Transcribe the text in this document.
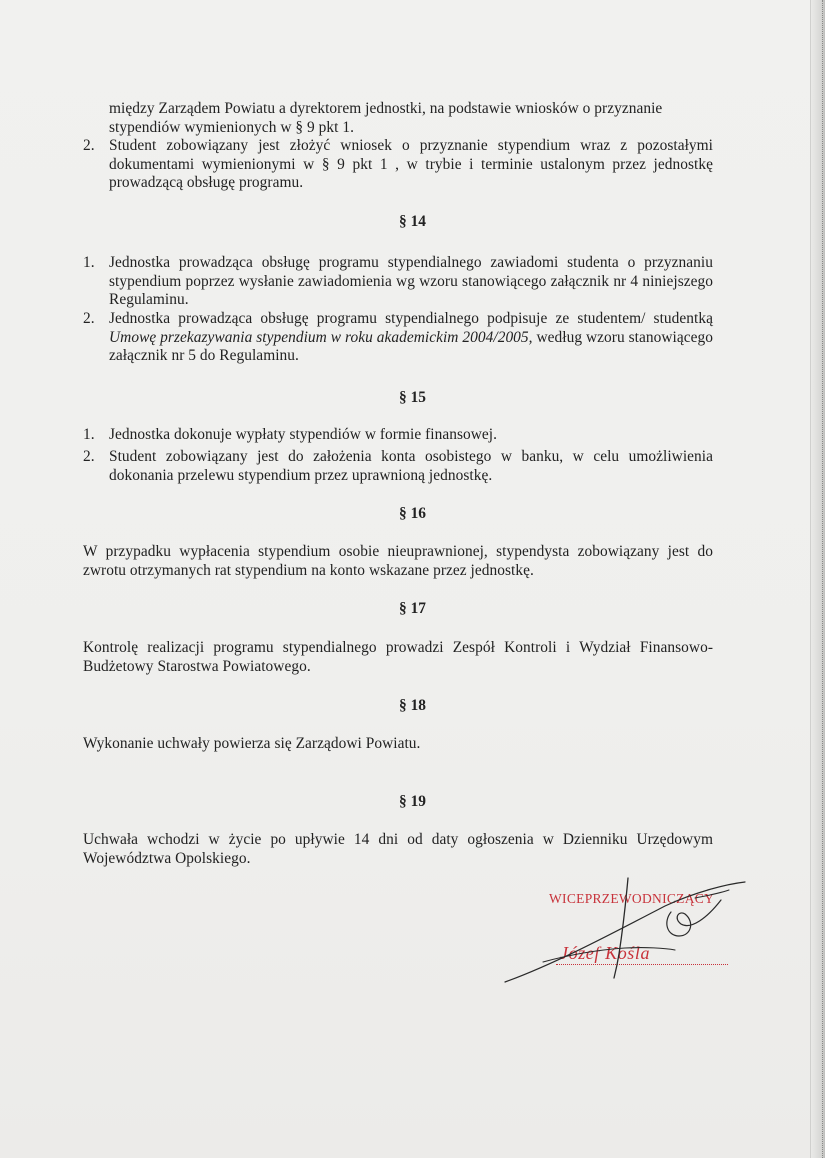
między Zarządem Powiatu a dyrektorem jednostki, na podstawie wniosków o przyznanie
stypendiów wymienionych w § 9 pkt 1.
2. Student zobowiązany jest złożyć wniosek o przyznanie stypendium wraz z pozostałymi dokumentami wymienionymi w § 9 pkt 1 , w trybie i terminie ustalonym przez jednostkę prowadzącą obsługę programu.
§ 14
1. Jednostka prowadząca obsługę programu stypendialnego zawiadomi studenta o przyznaniu stypendium poprzez wysłanie zawiadomienia wg wzoru stanowiącego załącznik nr 4 niniejszego Regulaminu.
2. Jednostka prowadząca obsługę programu stypendialnego podpisuje ze studentem/ studentką Umowę przekazywania stypendium w roku akademickim 2004/2005, według wzoru stanowiącego załącznik nr 5 do Regulaminu.
§ 15
1. Jednostka dokonuje wypłaty stypendiów w formie finansowej.
2. Student zobowiązany jest do założenia konta osobistego w banku, w celu umożliwienia dokonania przelewu stypendium przez uprawnioną jednostkę.
§ 16
W przypadku wypłacenia stypendium osobie nieuprawnionej, stypendysta zobowiązany jest do zwrotu otrzymanych rat stypendium na konto wskazane przez jednostkę.
§ 17
Kontrolę realizacji programu stypendialnego prowadzi Zespół Kontroli i Wydział Finansowo-Budżetowy Starostwa Powiatowego.
§ 18
Wykonanie uchwały powierza się Zarządowi Powiatu.
§ 19
Uchwała wchodzi w życie po upływie 14 dni od daty ogłoszenia w Dzienniku Urzędowym Województwa Opolskiego.
WICEPRZEWODNICZĄCY
Józef Kośla
